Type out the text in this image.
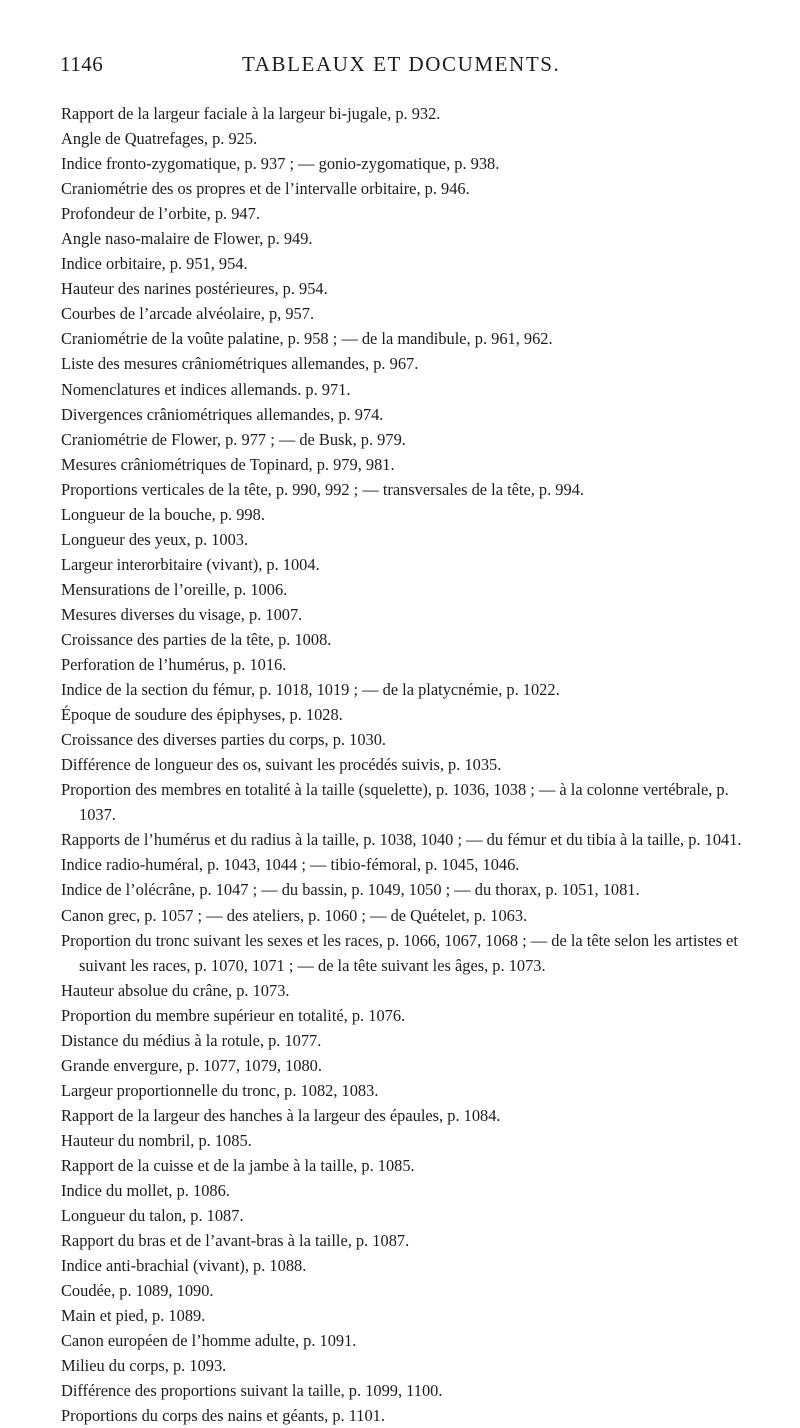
1146	TABLEAUX ET DOCUMENTS.
Rapport de la largeur faciale à la largeur bi-jugale, p. 932.
Angle de Quatrefages, p. 925.
Indice fronto-zygomatique, p. 937 ; — gonio-zygomatique, p. 938.
Craniométrie des os propres et de l’intervalle orbitaire, p. 946.
Profondeur de l’orbite, p. 947.
Angle naso-malaire de Flower, p. 949.
Indice orbitaire, p. 951, 954.
Hauteur des narines postérieures, p. 954.
Courbes de l’arcade alvéolaire, p, 957.
Craniométrie de la voûte palatine, p. 958 ; — de la mandibule, p. 961, 962.
Liste des mesures crâniométriques allemandes, p. 967.
Nomenclatures et indices allemands. p. 971.
Divergences crâniométriques allemandes, p. 974.
Craniométrie de Flower, p. 977 ; — de Busk, p. 979.
Mesures crâniométriques de Topinard, p. 979, 981.
Proportions verticales de la tête, p. 990, 992 ; — transversales de la tête, p. 994.
Longueur de la bouche, p. 998.
Longueur des yeux, p. 1003.
Largeur interorbitaire (vivant), p. 1004.
Mensurations de l’oreille, p. 1006.
Mesures diverses du visage, p. 1007.
Croissance des parties de la tête, p. 1008.
Perforation de l’humérus, p. 1016.
Indice de la section du fémur, p. 1018, 1019 ; — de la platycnémie, p. 1022.
Époque de soudure des épiphyses, p. 1028.
Croissance des diverses parties du corps, p. 1030.
Différence de longueur des os, suivant les procédés suivis, p. 1035.
Proportion des membres en totalité à la taille (squelette), p. 1036, 1038 ; — à la colonne vertébrale, p. 1037.
Rapports de l’humérus et du radius à la taille, p. 1038, 1040 ; — du fémur et du tibia à la taille, p. 1041.
Indice radio-huméral, p. 1043, 1044 ; — tibio-fémoral, p. 1045, 1046.
Indice de l’olécrâne, p. 1047 ; — du bassin, p. 1049, 1050 ; — du thorax, p. 1051, 1081.
Canon grec, p. 1057 ; — des ateliers, p. 1060 ; — de Quételet, p. 1063.
Proportion du tronc suivant les sexes et les races, p. 1066, 1067, 1068 ; — de la tête selon les artistes et suivant les races, p. 1070, 1071 ; — de la tête suivant les âges, p. 1073.
Hauteur absolue du crâne, p. 1073.
Proportion du membre supérieur en totalité, p. 1076.
Distance du médius à la rotule, p. 1077.
Grande envergure, p. 1077, 1079, 1080.
Largeur proportionnelle du tronc, p. 1082, 1083.
Rapport de la largeur des hanches à la largeur des épaules, p. 1084.
Hauteur du nombril, p. 1085.
Rapport de la cuisse et de la jambe à la taille, p. 1085.
Indice du mollet, p. 1086.
Longueur du talon, p. 1087.
Rapport du bras et de l’avant-bras à la taille, p. 1087.
Indice anti-brachial (vivant), p. 1088.
Coudée, p. 1089, 1090.
Main et pied, p. 1089.
Canon européen de l’homme adulte, p. 1091.
Milieu du corps, p. 1093.
Différence des proportions suivant la taille, p. 1099, 1100.
Proportions du corps des nains et géants, p. 1101.
